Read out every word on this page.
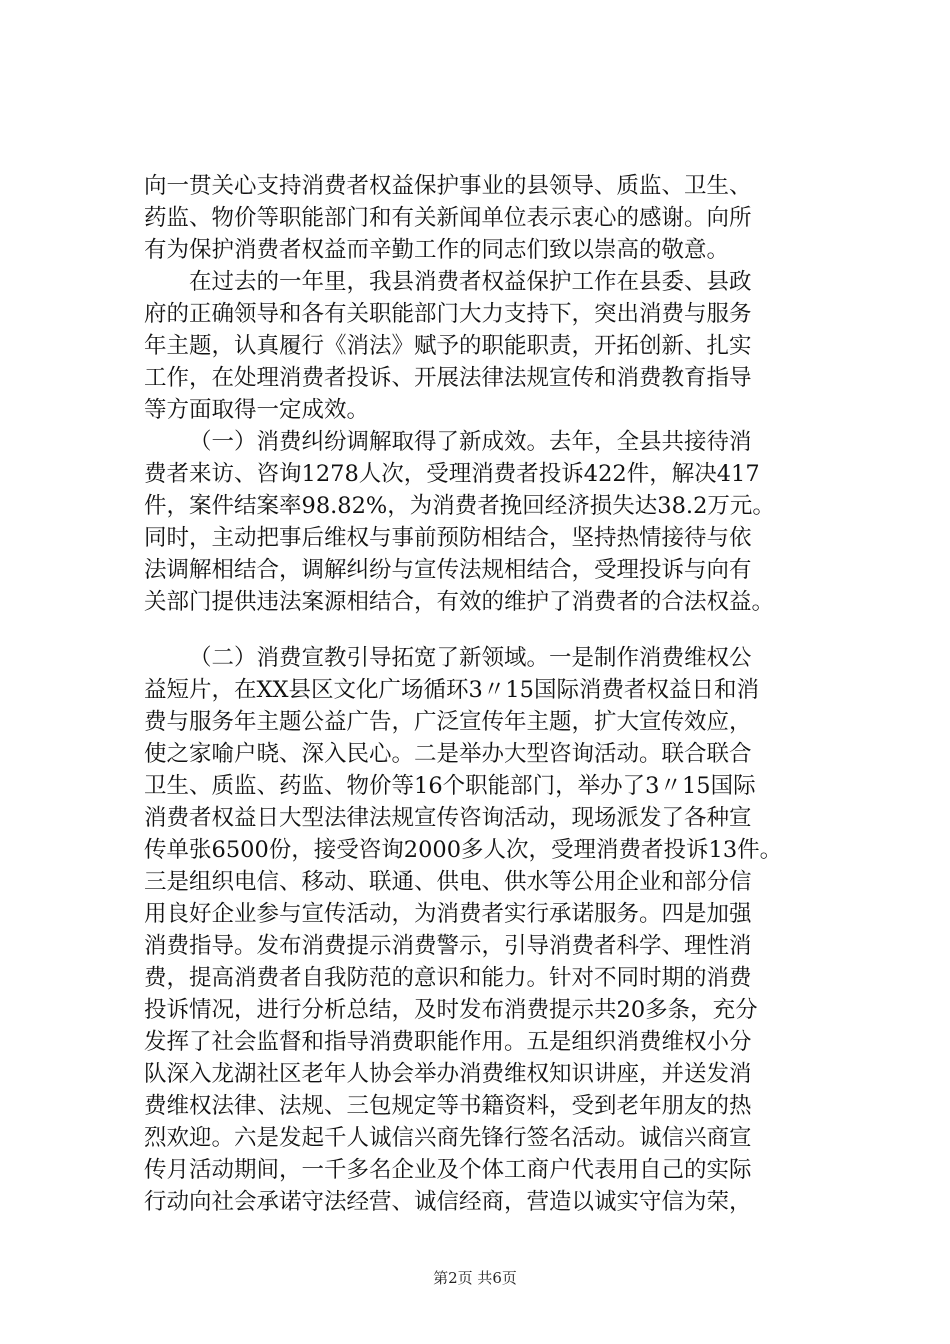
向一贯关心支持消费者权益保护事业的县领导、质监、卫生、
药监、物价等职能部门和有关新闻单位表示衷心的感谢。向所
有为保护消费者权益而辛勤工作的同志们致以崇高的敬意。
在过去的一年里，我县消费者权益保护工作在县委、县政
府的正确领导和各有关职能部门大力支持下，突出消费与服务
年主题，认真履行《消法》赋予的职能职责，开拓创新、扎实
工作，在处理消费者投诉、开展法律法规宣传和消费教育指导
等方面取得一定成效。
（一）消费纠纷调解取得了新成效。去年，全县共接待消
费者来访、咨询1278人次，受理消费者投诉422件，解决417
件，案件结案率98.82%，为消费者挽回经济损失达38.2万元。
同时，主动把事后维权与事前预防相结合，坚持热情接待与依
法调解相结合，调解纠纷与宣传法规相结合，受理投诉与向有
关部门提供违法案源相结合，有效的维护了消费者的合法权益。
（二）消费宣教引导拓宽了新领域。一是制作消费维权公
益短片，在XX县区文化广场循环3〃15国际消费者权益日和消
费与服务年主题公益广告，广泛宣传年主题，扩大宣传效应，
使之家喻户晓、深入民心。二是举办大型咨询活动。联合联合
卫生、质监、药监、物价等16个职能部门，举办了3〃15国际
消费者权益日大型法律法规宣传咨询活动，现场派发了各种宣
传单张6500份，接受咨询2000多人次，受理消费者投诉13件。
三是组织电信、移动、联通、供电、供水等公用企业和部分信
用良好企业参与宣传活动，为消费者实行承诺服务。四是加强
消费指导。发布消费提示消费警示，引导消费者科学、理性消
费，提高消费者自我防范的意识和能力。针对不同时期的消费
投诉情况，进行分析总结，及时发布消费提示共20多条，充分
发挥了社会监督和指导消费职能作用。五是组织消费维权小分
队深入龙湖社区老年人协会举办消费维权知识讲座，并送发消
费维权法律、法规、三包规定等书籍资料，受到老年朋友的热
烈欢迎。六是发起千人诚信兴商先锋行签名活动。诚信兴商宣
传月活动期间，一千多名企业及个体工商户代表用自己的实际
行动向社会承诺守法经营、诚信经商，营造以诚实守信为荣，
第2页 共6页
